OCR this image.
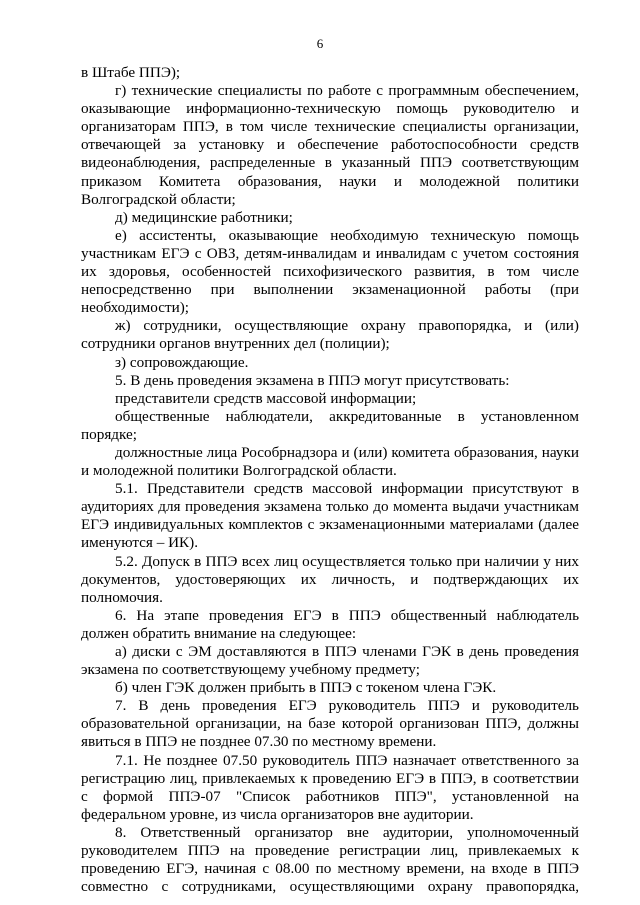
6

в Штабе ППЭ);

г) технические специалисты по работе с программным обеспечением, оказывающие информационно-техническую помощь руководителю и организаторам ППЭ, в том числе технические специалисты организации, отвечающей за установку и обеспечение работоспособности средств видеонаблюдения, распределенные в указанный ППЭ соответствующим приказом Комитета образования, науки и молодежной политики Волгоградской области;

д) медицинские работники;

е) ассистенты, оказывающие необходимую техническую помощь участникам ЕГЭ с ОВЗ, детям-инвалидам и инвалидам с учетом состояния их здоровья, особенностей психофизического развития, в том числе непосредственно при выполнении экзаменационной работы (при необходимости);

ж) сотрудники, осуществляющие охрану правопорядка, и (или) сотрудники органов внутренних дел (полиции);

з) сопровождающие.

5. В день проведения экзамена в ППЭ могут присутствовать:

представители средств массовой информации;

общественные наблюдатели, аккредитованные в установленном порядке;

должностные лица Рособрнадзора и (или) комитета образования, науки и молодежной политики Волгоградской области.

5.1. Представители средств массовой информации присутствуют в аудиториях для проведения экзамена только до момента выдачи участникам ЕГЭ индивидуальных комплектов с экзаменационными материалами (далее именуются – ИК).

5.2. Допуск в ППЭ всех лиц осуществляется только при наличии у них документов, удостоверяющих их личность, и подтверждающих их полномочия.

6. На этапе проведения ЕГЭ в ППЭ общественный наблюдатель должен обратить внимание на следующее:

а) диски с ЭМ доставляются в ППЭ членами ГЭК в день проведения экзамена по соответствующему учебному предмету;

б) член ГЭК должен прибыть в ППЭ с токеном члена ГЭК.

7. В день проведения ЕГЭ руководитель ППЭ и руководитель образовательной организации, на базе которой организован ППЭ, должны явиться в ППЭ не позднее 07.30 по местному времени.

7.1. Не позднее 07.50 руководитель ППЭ назначает ответственного за регистрацию лиц, привлекаемых к проведению ЕГЭ в ППЭ, в соответствии с формой ППЭ-07 "Список работников ППЭ", установленной на федеральном уровне, из числа организаторов вне аудитории.

8. Ответственный организатор вне аудитории, уполномоченный руководителем ППЭ на проведение регистрации лиц, привлекаемых к проведению ЕГЭ, начиная с 08.00 по местному времени, на входе в ППЭ совместно с сотрудниками, осуществляющими охрану правопорядка,
